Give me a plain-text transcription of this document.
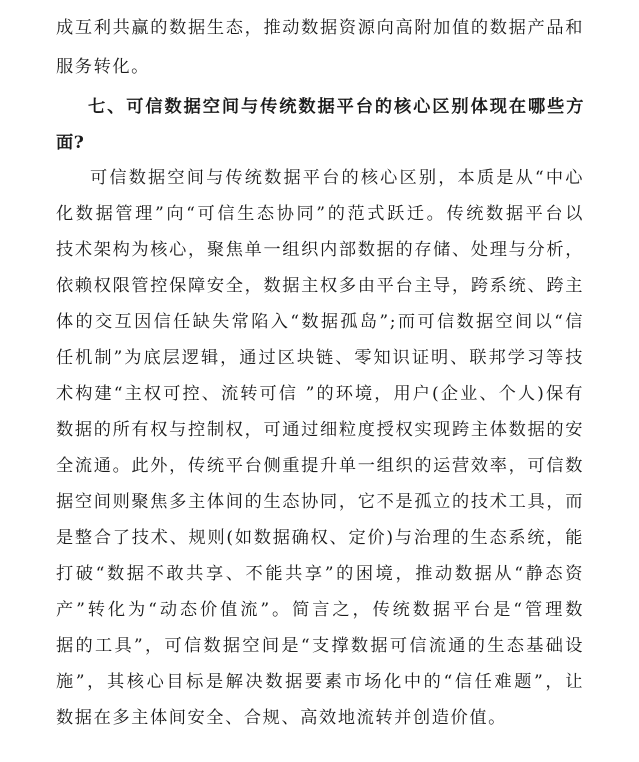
成互利共赢的数据生态，推动数据资源向高附加值的数据产品和
服务转化。
七、可信数据空间与传统数据平台的核心区别体现在哪些方
面?
可信数据空间与传统数据平台的核心区别，本质是从“中心
化数据管理”向“可信生态协同”的范式跃迁。传统数据平台以
技术架构为核心，聚焦单一组织内部数据的存储、处理与分析，
依赖权限管控保障安全，数据主权多由平台主导，跨系统、跨主
体的交互因信任缺失常陷入“数据孤岛”;而可信数据空间以“信
任机制”为底层逻辑，通过区块链、零知识证明、联邦学习等技
术构建“主权可控、流转可信 ”的环境，用户(企业、个人)保有
数据的所有权与控制权，可通过细粒度授权实现跨主体数据的安
全流通。此外，传统平台侧重提升单一组织的运营效率，可信数
据空间则聚焦多主体间的生态协同，它不是孤立的技术工具，而
是整合了技术、规则(如数据确权、定价)与治理的生态系统，能
打破“数据不敢共享、不能共享”的困境，推动数据从“静态资
产”转化为“动态价值流”。简言之，传统数据平台是“管理数
据的工具”，可信数据空间是“支撑数据可信流通的生态基础设
施”，其核心目标是解决数据要素市场化中的“信任难题”，让
数据在多主体间安全、合规、高效地流转并创造价值。
